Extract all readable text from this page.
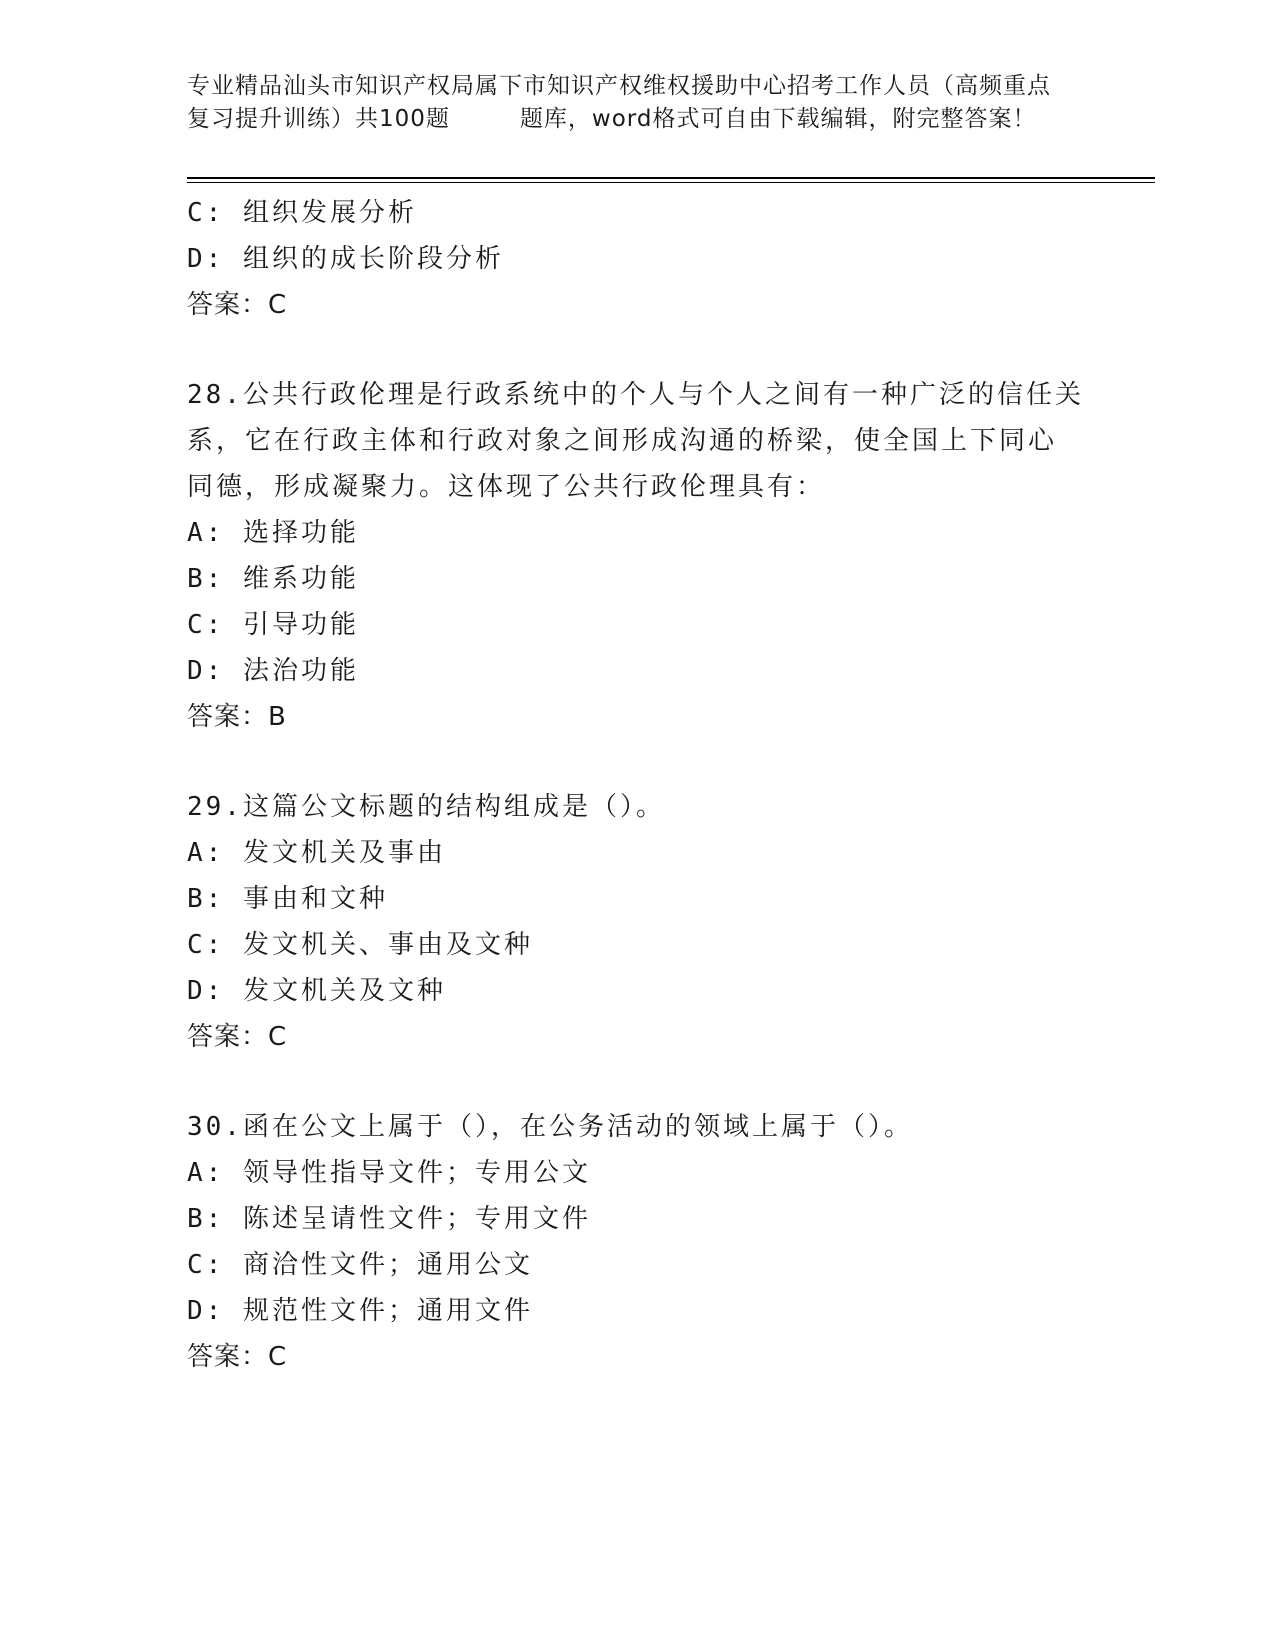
专业精品汕头市知识产权局属下市知识产权维权援助中心招考工作人员（高频重点
复习提升训练）共100题	题库，word格式可自由下载编辑，附完整答案！
C: 组织发展分析
D: 组织的成长阶段分析
答案：C
28.公共行政伦理是行政系统中的个人与个人之间有一种广泛的信任关
系，它在行政主体和行政对象之间形成沟通的桥梁，使全国上下同心
同德，形成凝聚力。这体现了公共行政伦理具有：
A: 选择功能
B: 维系功能
C: 引导功能
D: 法治功能
答案：B
29.这篇公文标题的结构组成是（）。
A: 发文机关及事由
B: 事由和文种
C: 发文机关、事由及文种
D: 发文机关及文种
答案：C
30.函在公文上属于（），在公务活动的领域上属于（）。
A: 领导性指导文件；专用公文
B: 陈述呈请性文件；专用文件
C: 商洽性文件；通用公文
D: 规范性文件；通用文件
答案：C
